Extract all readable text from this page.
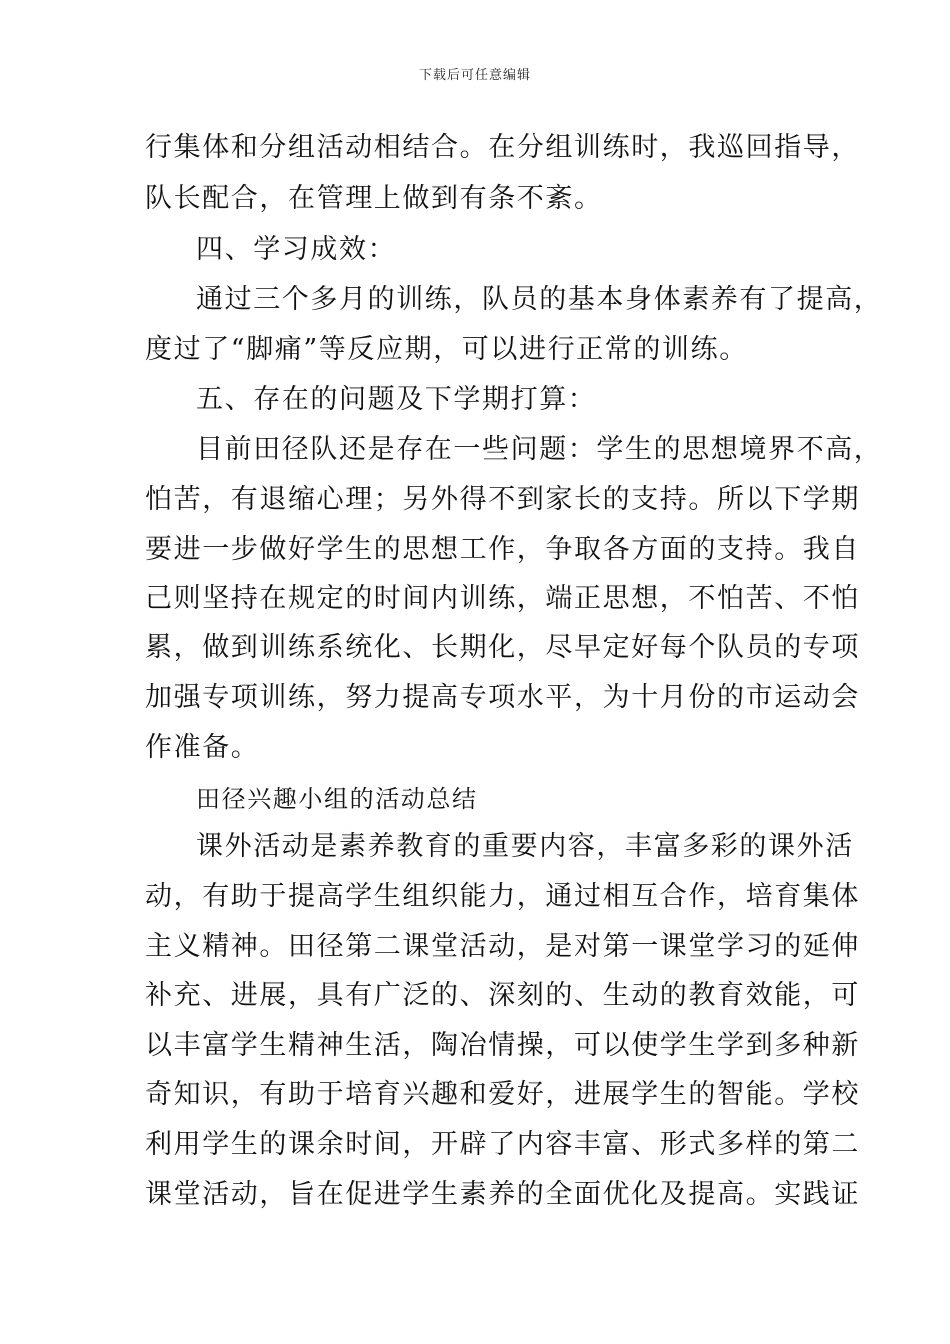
下载后可任意编辑
行集体和分组活动相结合。在分组训练时，我巡回指导，
队长配合，在管理上做到有条不紊。
四、学习成效：
通过三个多月的训练，队员的基本身体素养有了提高，
度过了“脚痛”等反应期，可以进行正常的训练。
五、存在的问题及下学期打算：
目前田径队还是存在一些问题：学生的思想境界不高，
怕苦，有退缩心理；另外得不到家长的支持。所以下学期
要进一步做好学生的思想工作，争取各方面的支持。我自
己则坚持在规定的时间内训练，端正思想，不怕苦、不怕
累，做到训练系统化、长期化，尽早定好每个队员的专项
加强专项训练，努力提高专项水平，为十月份的市运动会
作准备。
田径兴趣小组的活动总结
课外活动是素养教育的重要内容，丰富多彩的课外活
动，有助于提高学生组织能力，通过相互合作，培育集体
主义精神。田径第二课堂活动，是对第一课堂学习的延伸
补充、进展，具有广泛的、深刻的、生动的教育效能，可
以丰富学生精神生活，陶冶情操，可以使学生学到多种新
奇知识，有助于培育兴趣和爱好，进展学生的智能。学校
利用学生的课余时间，开辟了内容丰富、形式多样的第二
课堂活动，旨在促进学生素养的全面优化及提高。实践证
